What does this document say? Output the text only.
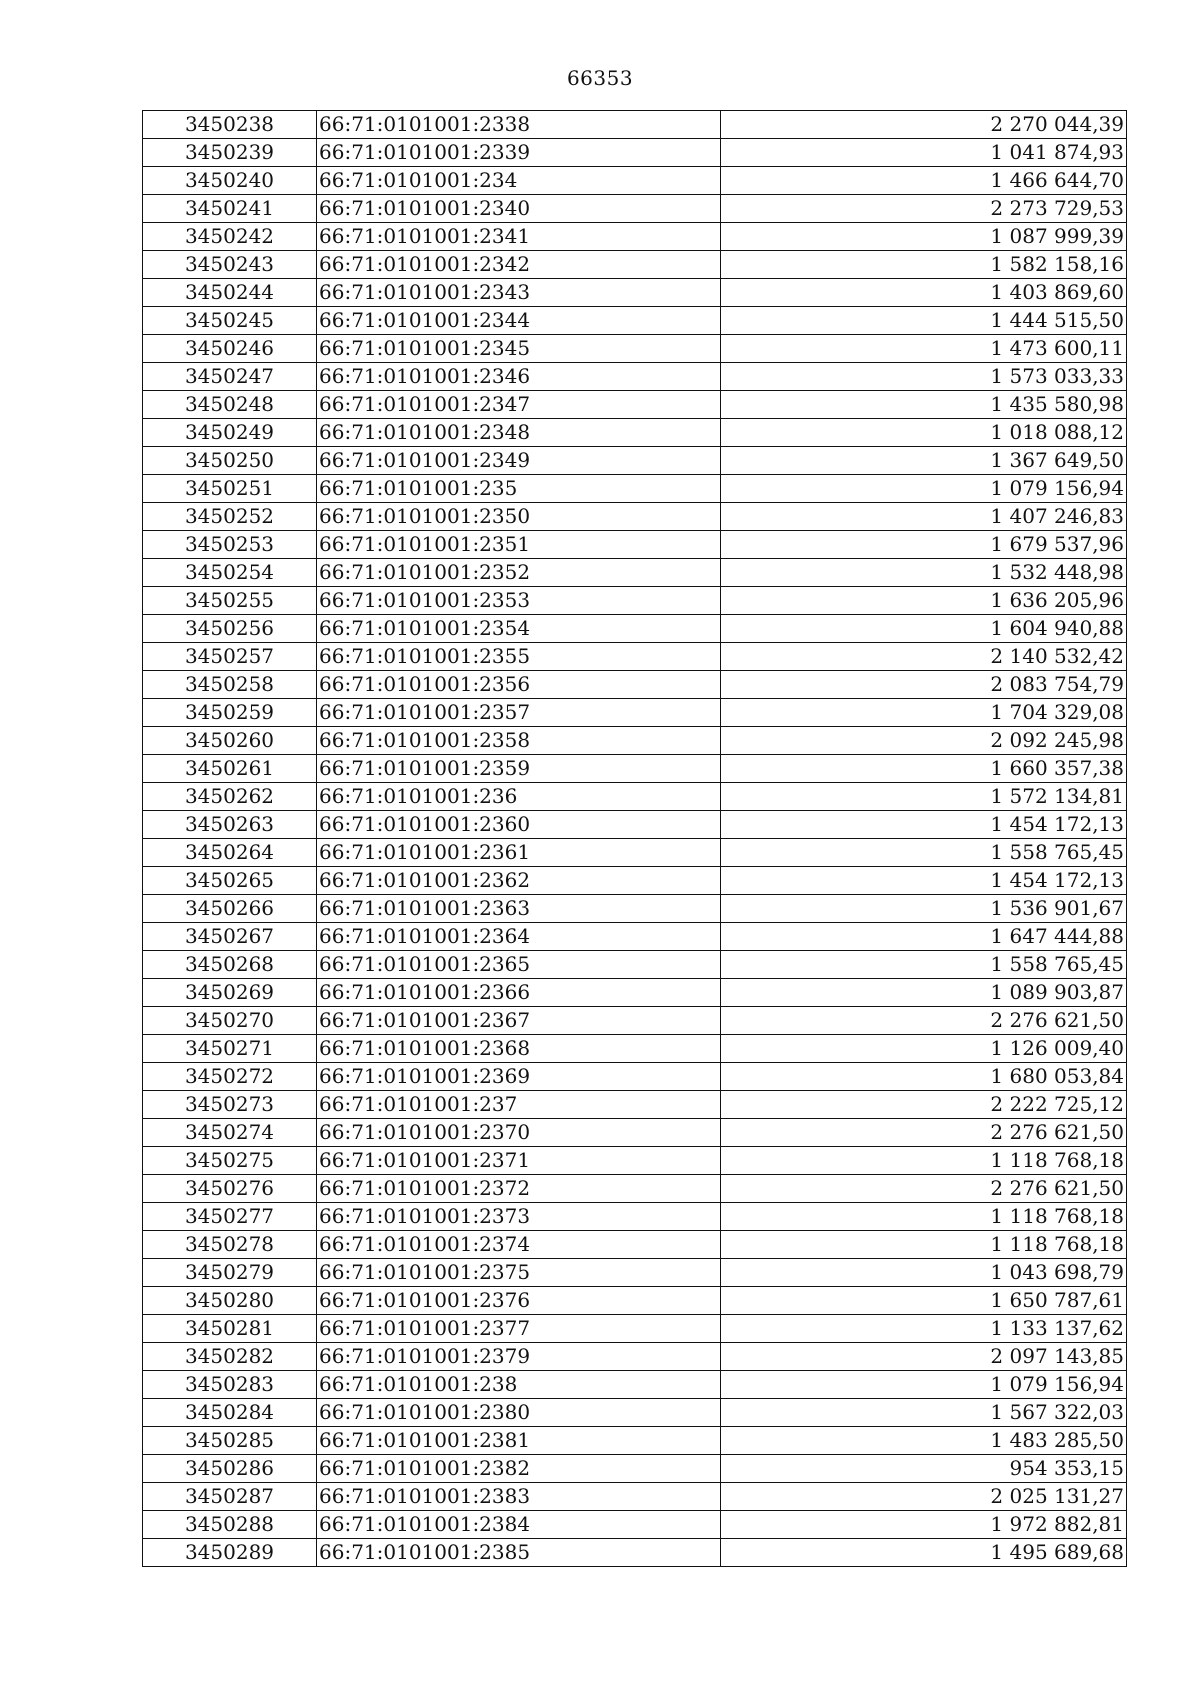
66353
3450238	66:71:0101001:2338	2 270 044,39
3450239	66:71:0101001:2339	1 041 874,93
3450240	66:71:0101001:234	1 466 644,70
3450241	66:71:0101001:2340	2 273 729,53
3450242	66:71:0101001:2341	1 087 999,39
3450243	66:71:0101001:2342	1 582 158,16
3450244	66:71:0101001:2343	1 403 869,60
3450245	66:71:0101001:2344	1 444 515,50
3450246	66:71:0101001:2345	1 473 600,11
3450247	66:71:0101001:2346	1 573 033,33
3450248	66:71:0101001:2347	1 435 580,98
3450249	66:71:0101001:2348	1 018 088,12
3450250	66:71:0101001:2349	1 367 649,50
3450251	66:71:0101001:235	1 079 156,94
3450252	66:71:0101001:2350	1 407 246,83
3450253	66:71:0101001:2351	1 679 537,96
3450254	66:71:0101001:2352	1 532 448,98
3450255	66:71:0101001:2353	1 636 205,96
3450256	66:71:0101001:2354	1 604 940,88
3450257	66:71:0101001:2355	2 140 532,42
3450258	66:71:0101001:2356	2 083 754,79
3450259	66:71:0101001:2357	1 704 329,08
3450260	66:71:0101001:2358	2 092 245,98
3450261	66:71:0101001:2359	1 660 357,38
3450262	66:71:0101001:236	1 572 134,81
3450263	66:71:0101001:2360	1 454 172,13
3450264	66:71:0101001:2361	1 558 765,45
3450265	66:71:0101001:2362	1 454 172,13
3450266	66:71:0101001:2363	1 536 901,67
3450267	66:71:0101001:2364	1 647 444,88
3450268	66:71:0101001:2365	1 558 765,45
3450269	66:71:0101001:2366	1 089 903,87
3450270	66:71:0101001:2367	2 276 621,50
3450271	66:71:0101001:2368	1 126 009,40
3450272	66:71:0101001:2369	1 680 053,84
3450273	66:71:0101001:237	2 222 725,12
3450274	66:71:0101001:2370	2 276 621,50
3450275	66:71:0101001:2371	1 118 768,18
3450276	66:71:0101001:2372	2 276 621,50
3450277	66:71:0101001:2373	1 118 768,18
3450278	66:71:0101001:2374	1 118 768,18
3450279	66:71:0101001:2375	1 043 698,79
3450280	66:71:0101001:2376	1 650 787,61
3450281	66:71:0101001:2377	1 133 137,62
3450282	66:71:0101001:2379	2 097 143,85
3450283	66:71:0101001:238	1 079 156,94
3450284	66:71:0101001:2380	1 567 322,03
3450285	66:71:0101001:2381	1 483 285,50
3450286	66:71:0101001:2382	954 353,15
3450287	66:71:0101001:2383	2 025 131,27
3450288	66:71:0101001:2384	1 972 882,81
3450289	66:71:0101001:2385	1 495 689,68
